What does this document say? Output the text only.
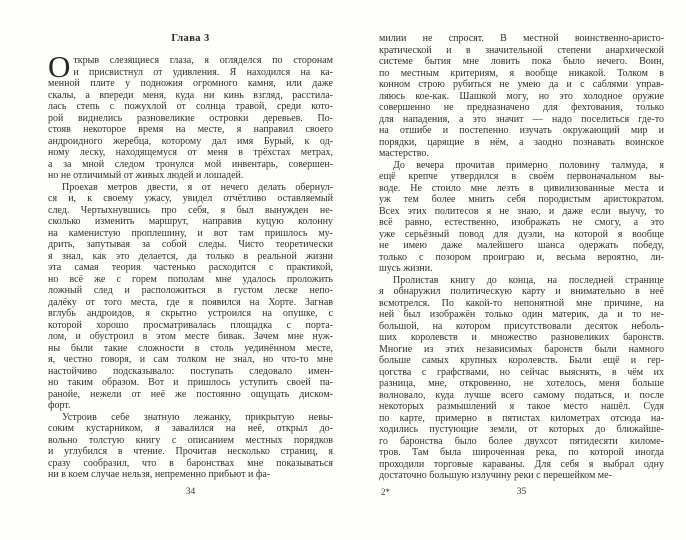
Глава 3
О ткрыв слезящиеся глаза, я огляделся по сторонам
и присвистнул от удивления. Я находился на ка-
менной плите у подножия огромного камня, или даже
скалы, а впереди меня, куда ни кинь взгляд, расстила-
лась степь с пожухлой от солнца травой, среди кото-
рой виднелись разновеликие островки деревьев. По-
стояв некоторое время на месте, я направил своего
андроидного жеребца, которому дал имя Бурый, к од-
ному леску, находящемуся от меня в трёхстах метрах,
а за мной следом тронулся мой инвентарь, совершен-
но не отличимый от живых людей и лошадей.
Проехав метров двести, я от нечего делать обернул-
ся и, к своему ужасу, увидел отчётливо оставляемый
след. Чертыхнувшись про себя, я был вынужден не-
сколько изменить маршрут, направив куцую колонну
на каменистую проплешину, и вот там пришлось му-
дрить, запутывая за собой следы. Чисто теоретически
я знал, как это делается, да только в реальной жизни
эта самая теория частенько расходится с практикой,
но всё же с горем пополам мне удалось проложить
ложный след и расположиться в густом леске непо-
далёку от того места, где я появился на Хорте. Загнав
вглубь андроидов, я скрытно устроился на опушке, с
которой хорошо просматривалась площадка с порта-
лом, и обустроил в этом месте бивак. Зачем мне нуж-
ны были такие сложности в столь уединённом месте,
я, честно говоря, и сам толком не знал, но что-то мне
настойчиво подсказывало: поступать следовало имен-
но таким образом. Вот и пришлось уступить своей па-
ранойе, нежели от неё же постоянно ощущать диском-
форт.
Устроив себе знатную лежанку, прикрытую невы-
соким кустарником, я завалился на неё, открыл до-
вольно толстую книгу с описанием местных порядков
и углубился в чтение. Прочитав несколько страниц, я
сразу сообразил, что в баронствах мне показываться
ни в коем случае нельзя, непременно прибьют и фа-
34
милии не спросят. В местной воинственно-аристо-
кратической и в значительной степени анархической
системе бытия мне ловить пока было нечего. Воин,
по местным критериям, я вообще никакой. Толком в
конном строю рубиться не умею да и с саблями управ-
ляюсь кое-как. Шашкой могу, но это холодное оружие
совершенно не предназначено для фехтования, только
для нападения, а это значит — надо поселиться где-то
на отшибе и постепенно изучать окружающий мир и
порядки, царящие в нём, а заодно познавать воинское
мастерство.
До вечера прочитав примерно половину талмуда, я
ещё крепче утвердился в своём первоначальном вы-
воде. Не стоило мне лезть в цивилизованные места и
уж тем более мнить себя породистым аристократом.
Всех этих политесов я не знаю, и даже если выучу, то
всё равно, естественно, изображать не смогу, а это
уже серьёзный повод для дуэли, на которой я вообще
не имею даже малейшего шанса одержать победу,
только с позором проиграю и, весьма вероятно, ли-
шусь жизни.
Пролистав книгу до конца, на последней странице
я обнаружил политическую карту и внимательно в неё
всмотрелся. По какой-то непонятной мне причине, на
ней был изображён только один материк, да и то не-
большой, на котором присутствовали десяток неболь-
ших королевств и множество разновеликих баронств.
Многие из этих независимых баронств были намного
больше самых крупных королевств. Были ещё и гер-
цогства с графствами, но сейчас выяснять, в чём их
разница, мне, откровенно, не хотелось, меня больше
волновало, куда лучше всего самому податься, и после
некоторых размышлений я такое место нашёл. Судя
по карте, примерно в пятистах километрах отсюда на-
ходились пустующие земли, от которых до ближайше-
го баронства было более двухсот пятидесяти киломе-
тров. Там была широченная река, по которой иногда
проходили торговые караваны. Для себя я выбрал одну
достаточно большую излучину реки с перешейком ме-
2*	35
